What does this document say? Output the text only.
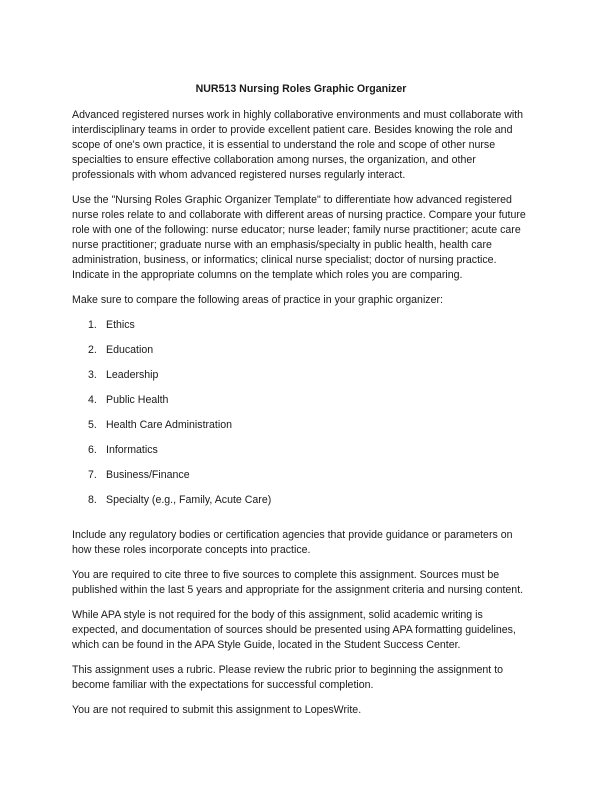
NUR513 Nursing Roles Graphic Organizer

Advanced registered nurses work in highly collaborative environments and must collaborate with interdisciplinary teams in order to provide excellent patient care. Besides knowing the role and scope of one's own practice, it is essential to understand the role and scope of other nurse specialties to ensure effective collaboration among nurses, the organization, and other professionals with whom advanced registered nurses regularly interact.

Use the "Nursing Roles Graphic Organizer Template" to differentiate how advanced registered nurse roles relate to and collaborate with different areas of nursing practice. Compare your future role with one of the following: nurse educator; nurse leader; family nurse practitioner; acute care nurse practitioner; graduate nurse with an emphasis/specialty in public health, health care administration, business, or informatics; clinical nurse specialist; doctor of nursing practice. Indicate in the appropriate columns on the template which roles you are comparing.

Make sure to compare the following areas of practice in your graphic organizer:

1. Ethics
2. Education
3. Leadership
4. Public Health
5. Health Care Administration
6. Informatics
7. Business/Finance
8. Specialty (e.g., Family, Acute Care)

Include any regulatory bodies or certification agencies that provide guidance or parameters on how these roles incorporate concepts into practice.

You are required to cite three to five sources to complete this assignment. Sources must be published within the last 5 years and appropriate for the assignment criteria and nursing content.

While APA style is not required for the body of this assignment, solid academic writing is expected, and documentation of sources should be presented using APA formatting guidelines, which can be found in the APA Style Guide, located in the Student Success Center.

This assignment uses a rubric. Please review the rubric prior to beginning the assignment to become familiar with the expectations for successful completion.

You are not required to submit this assignment to LopesWrite.
